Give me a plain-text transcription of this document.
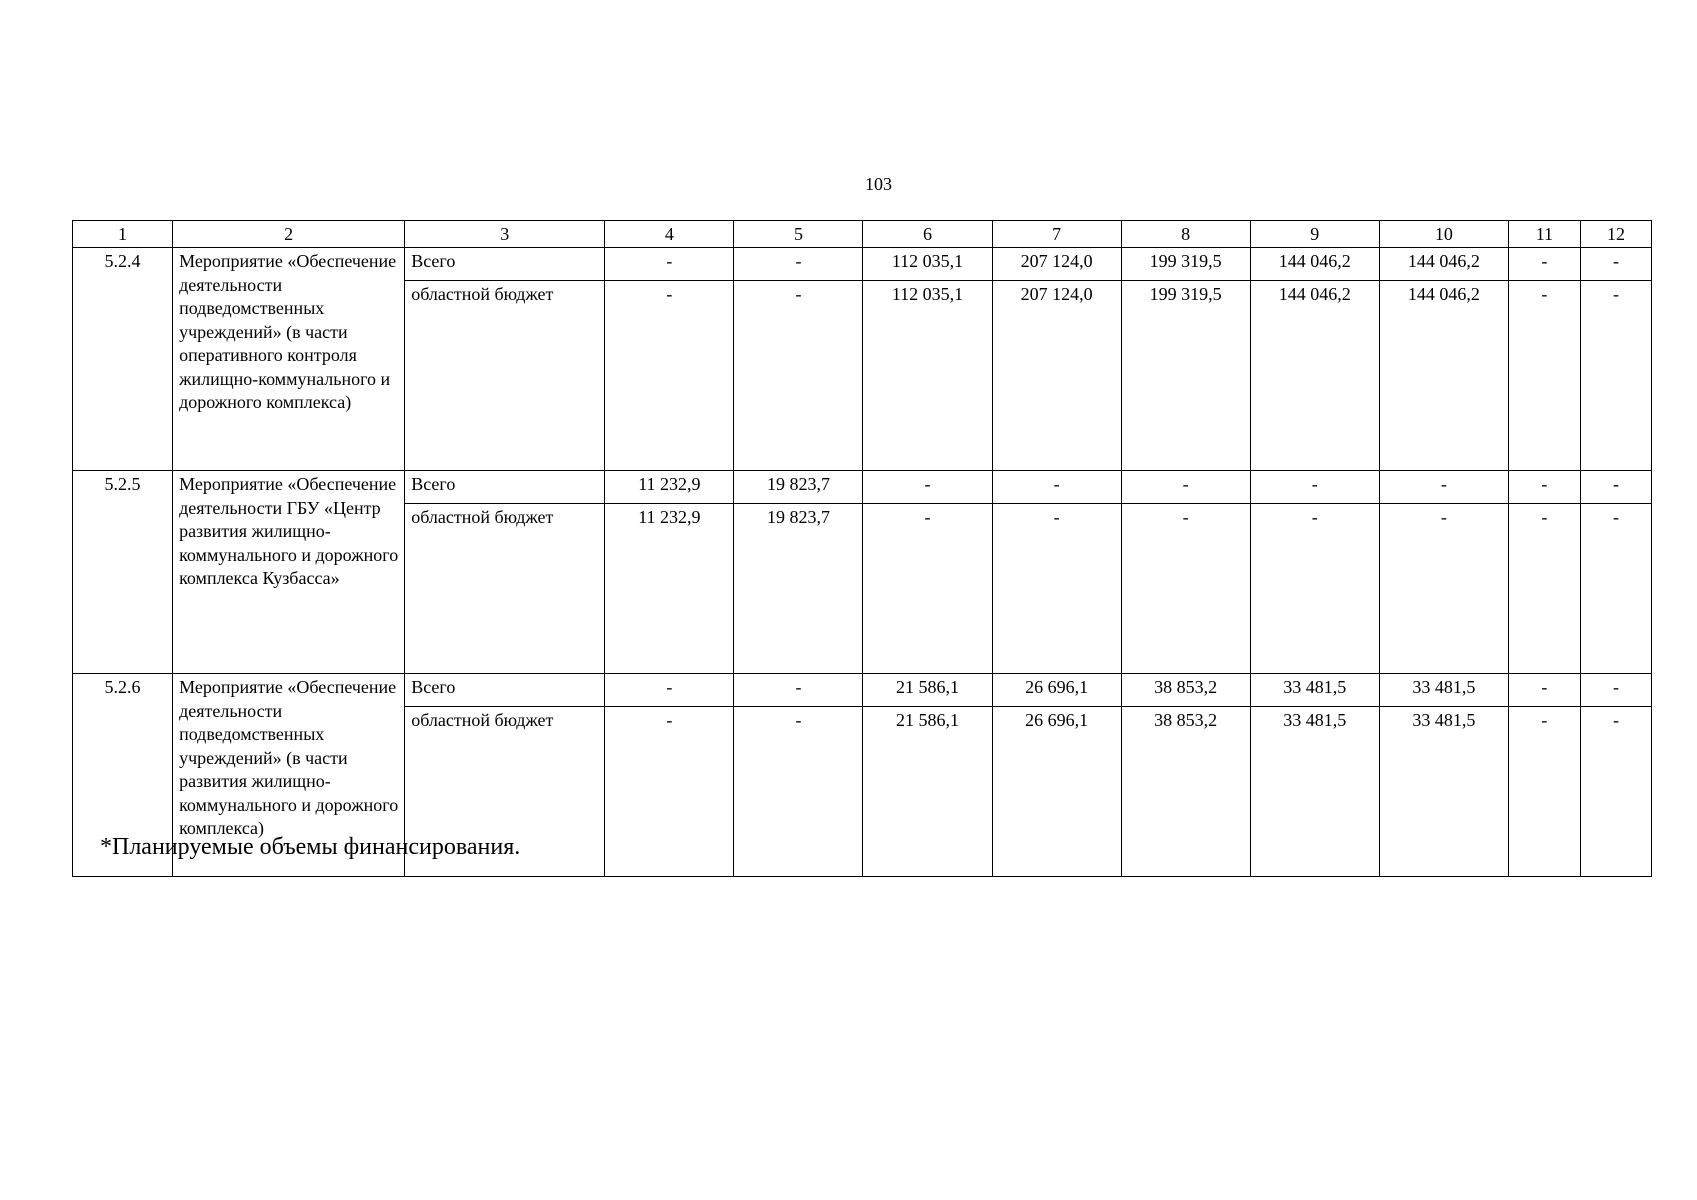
103
1	2	3	4	5	6	7	8	9	10	11	12
5.2.4	Мероприятие «Обеспечение деятельности подведомственных учреждений» (в части оперативного контроля жилищно-коммунального и дорожного комплекса)	Всего	-	-	112 035,1	207 124,0	199 319,5	144 046,2	144 046,2	-	-
		областной бюджет	-	-	112 035,1	207 124,0	199 319,5	144 046,2	144 046,2	-	-
5.2.5	Мероприятие «Обеспечение деятельности ГБУ «Центр развития жилищно-коммунального и дорожного комплекса Кузбасса»	Всего	11 232,9	19 823,7	-	-	-	-	-	-	-
		областной бюджет	11 232,9	19 823,7	-	-	-	-	-	-	-
5.2.6	Мероприятие «Обеспечение деятельности подведомственных учреждений» (в части развития жилищно-коммунального и дорожного комплекса)	Всего	-	-	21 586,1	26 696,1	38 853,2	33 481,5	33 481,5	-	-
		областной бюджет	-	-	21 586,1	26 696,1	38 853,2	33 481,5	33 481,5	-	-
*Планируемые объемы финансирования.
